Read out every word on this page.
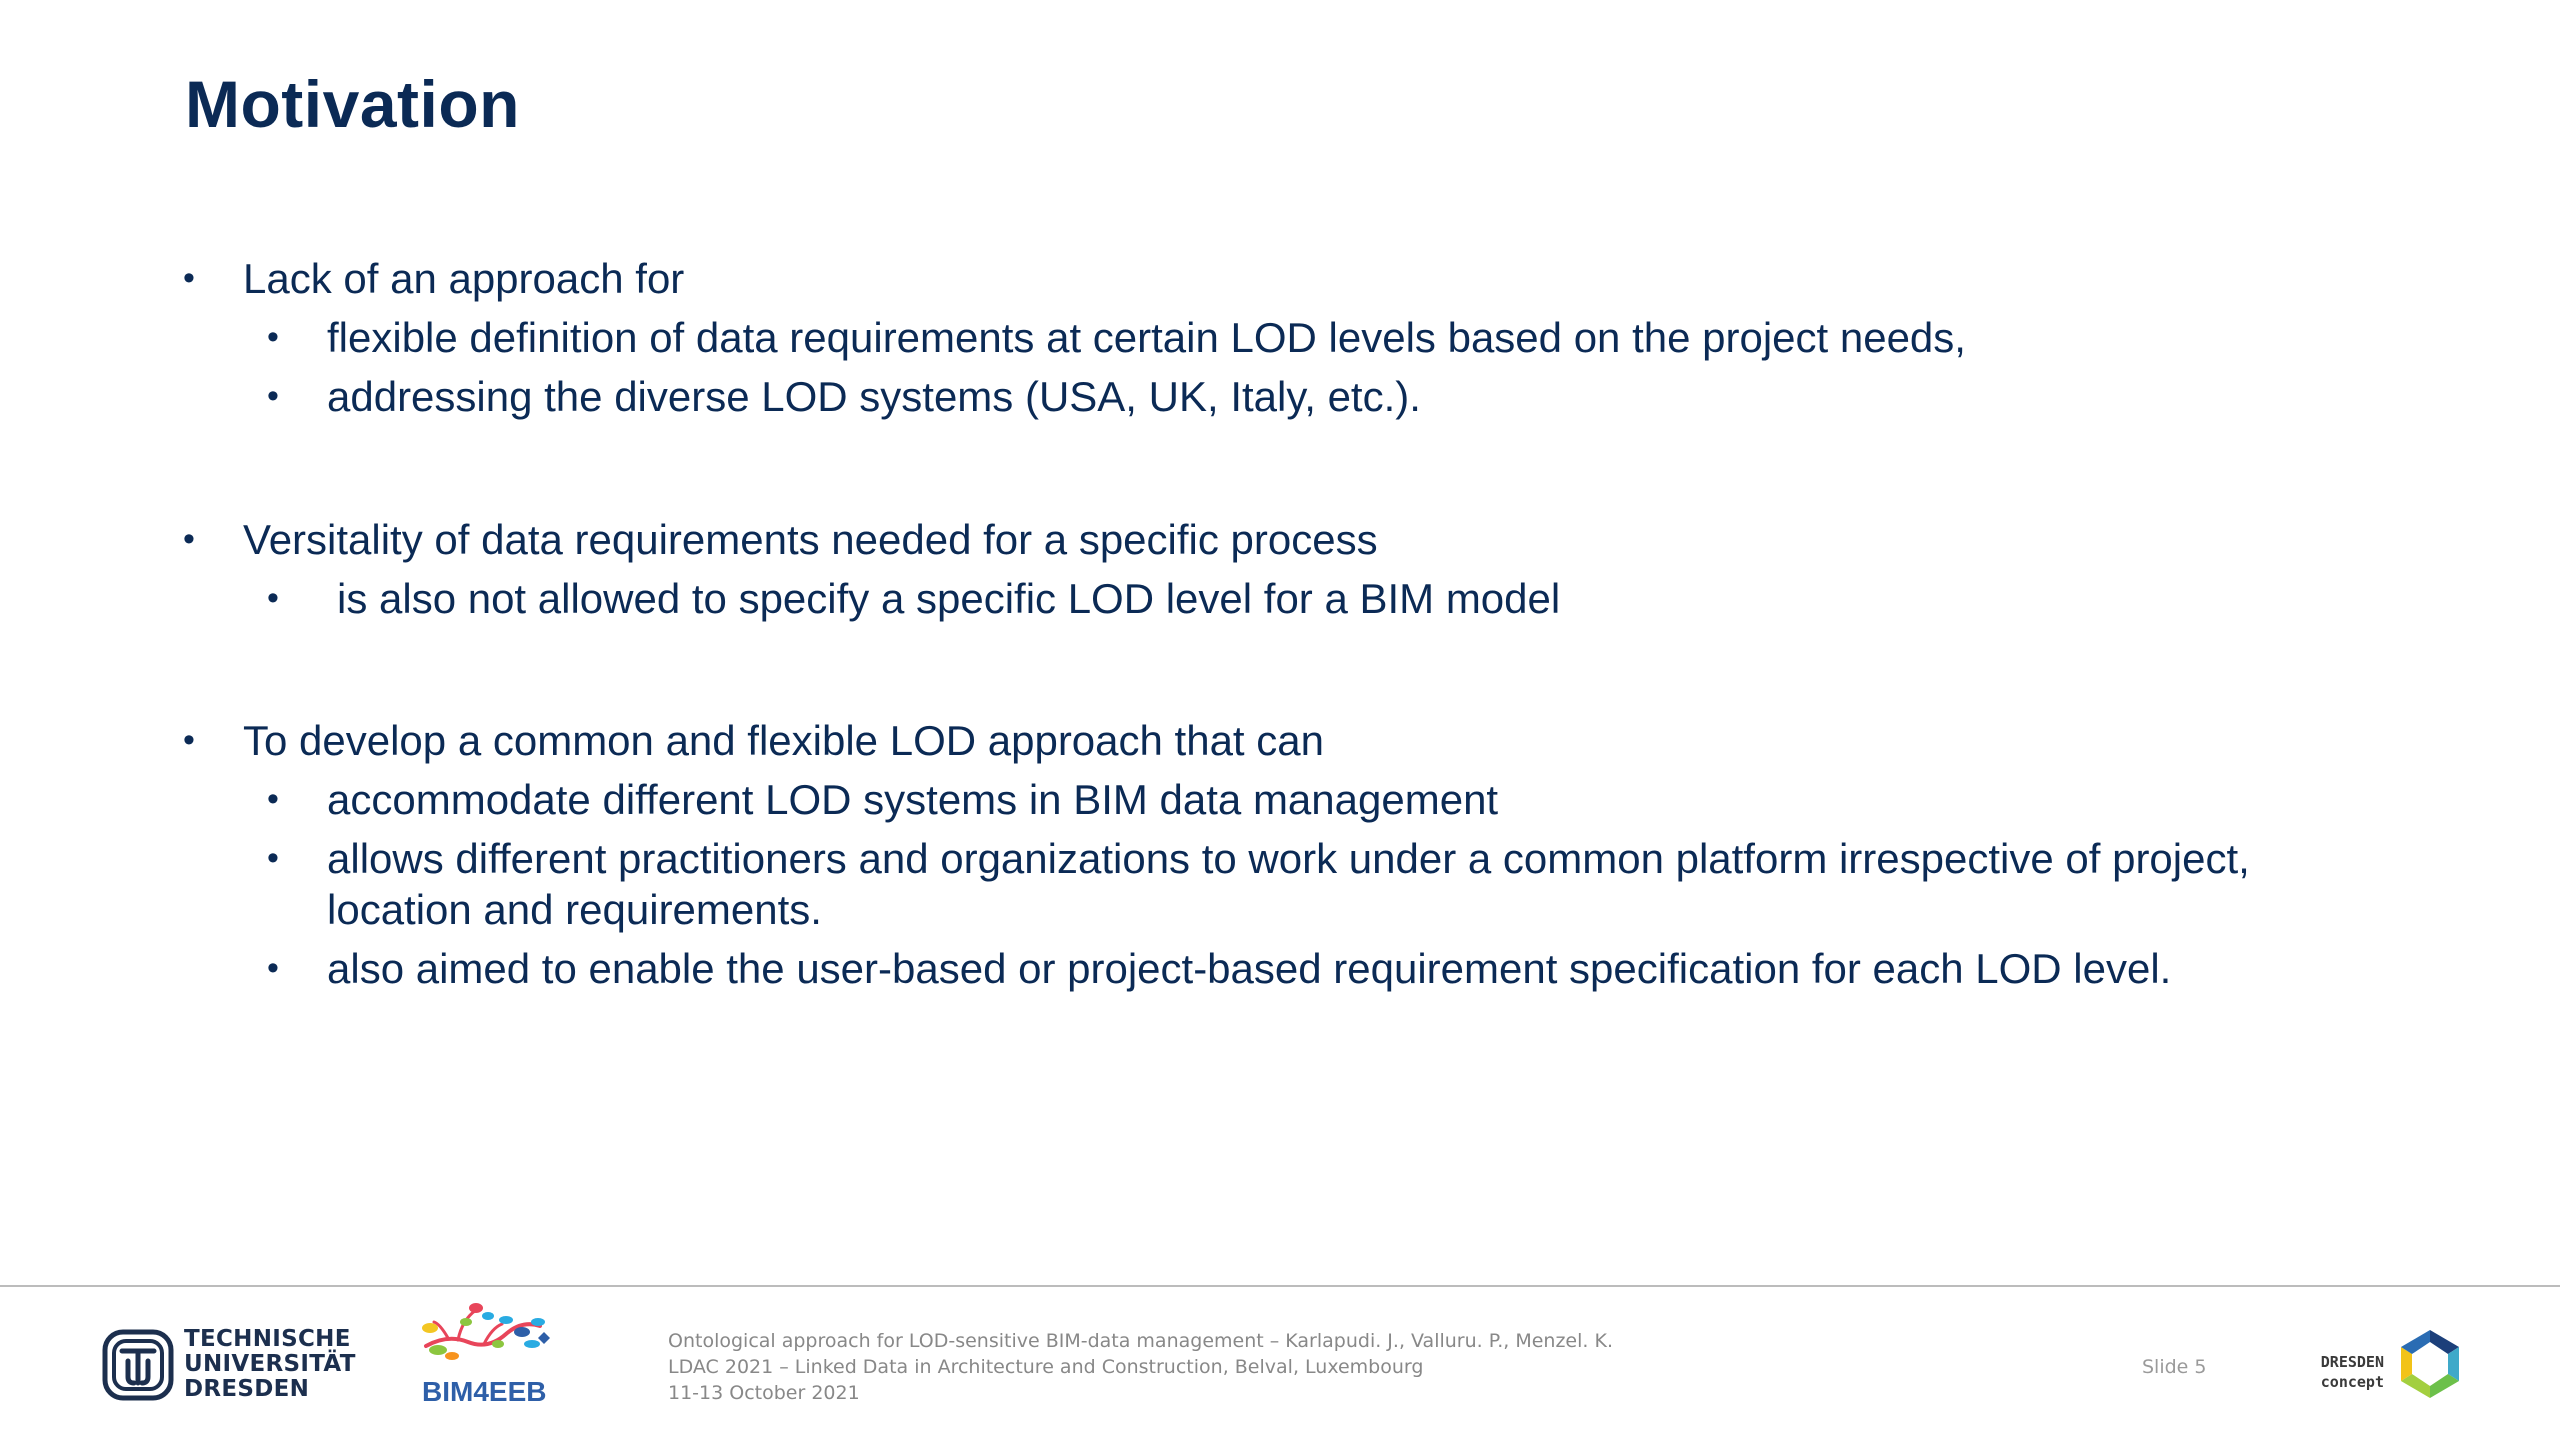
Motivation
• Lack of an approach for
• flexible definition of data requirements at certain LOD levels based on the project needs,
• addressing the diverse LOD systems (USA, UK, Italy, etc.).
• Versitality of data requirements needed for a specific process
• is also not allowed to specify a specific LOD level for a BIM model
• To develop a common and flexible LOD approach that can
• accommodate different LOD systems in BIM data management
• allows different practitioners and organizations to work under a common platform irrespective of project, location and requirements.
• also aimed to enable the user-based or project-based requirement specification for each LOD level.
TECHNISCHE
UNIVERSITÄT
DRESDEN	BIM4EEB
Ontological approach for LOD-sensitive BIM-data management – Karlapudi. J., Valluru. P., Menzel. K.
LDAC 2021 – Linked Data in Architecture and Construction, Belval, Luxembourg
11-13 October 2021
Slide 5	DRESDEN
concept
